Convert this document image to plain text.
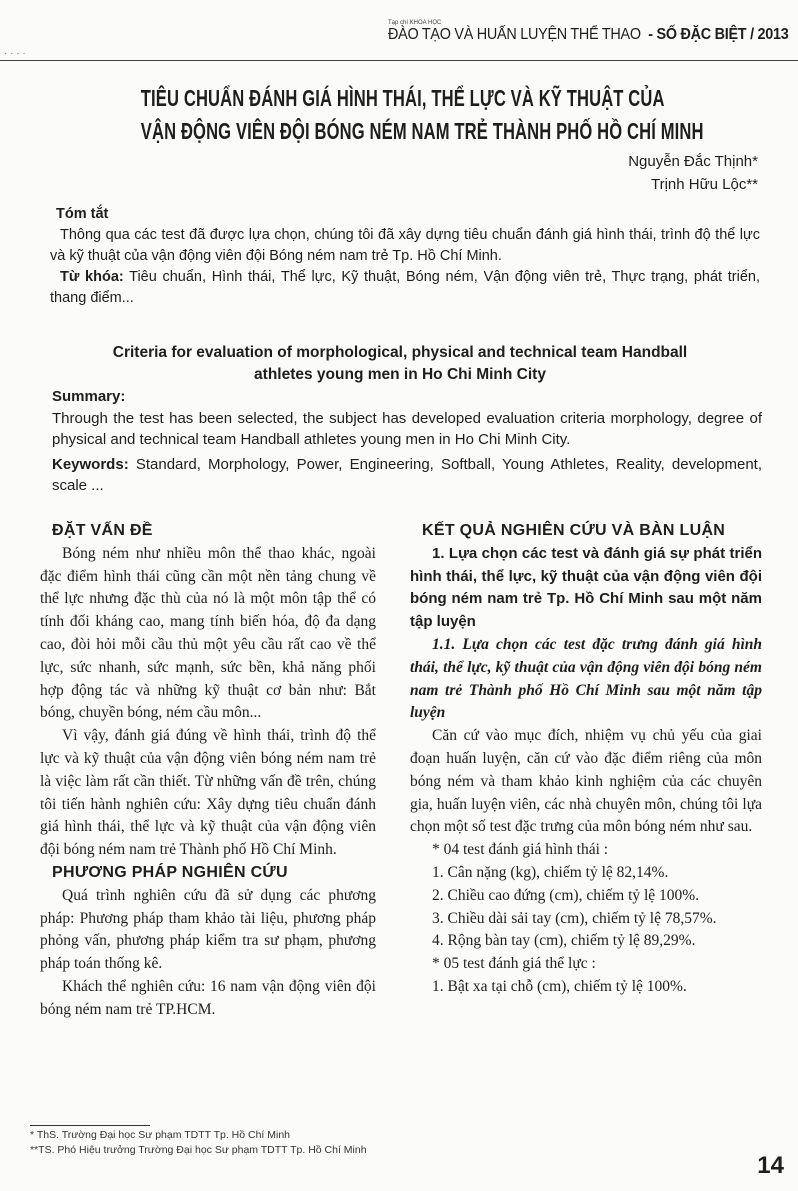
· · · ·
Tạp chí KHOA HỌC
ĐÀO TẠO VÀ HUẤN LUYỆN THỂ THAO - SỐ ĐẶC BIỆT / 2013
TIÊU CHUẨN ĐÁNH GIÁ HÌNH THÁI, THỂ LỰC VÀ KỸ THUẬT CỦA
VẬN ĐỘNG VIÊN ĐỘI BÓNG NÉM NAM TRẺ THÀNH PHỐ HỒ CHÍ MINH
Nguyễn Đắc Thịnh*
Trịnh Hữu Lộc**
Tóm tắt
Thông qua các test đã được lựa chọn, chúng tôi đã xây dựng tiêu chuẩn đánh giá hình thái, trình độ thể lực và kỹ thuật của vận động viên đội Bóng ném nam trẻ Tp. Hồ Chí Minh.
Từ khóa: Tiêu chuẩn, Hình thái, Thể lực, Kỹ thuật, Bóng ném, Vận động viên trẻ, Thực trạng, phát triển, thang điểm...
Criteria for evaluation of morphological, physical and technical team Handball
athletes young men in Ho Chi Minh City
Summary:
Through the test has been selected, the subject has developed evaluation criteria morphology, degree of physical and technical team Handball athletes young men in Ho Chi Minh City.
Keywords: Standard, Morphology, Power, Engineering, Softball, Young Athletes, Reality, development, scale ...
ĐẶT VẤN ĐỀ

Bóng ném như nhiều môn thể thao khác, ngoài đặc điểm hình thái cũng cần một nền tảng chung về thể lực nhưng đặc thù của nó là một môn tập thể có tính đối kháng cao, mang tính biến hóa, độ đa dạng cao, đòi hỏi mỗi cầu thủ một yêu cầu rất cao về thể lực, sức nhanh, sức mạnh, sức bền, khả năng phối hợp động tác và những kỹ thuật cơ bản như: Bắt bóng, chuyền bóng, ném cầu môn...

Vì vậy, đánh giá đúng về hình thái, trình độ thể lực và kỹ thuật của vận động viên bóng ném nam trẻ là việc làm rất cần thiết. Từ những vấn đề trên, chúng tôi tiến hành nghiên cứu: Xây dựng tiêu chuẩn đánh giá hình thái, thể lực và kỹ thuật của vận động viên đội bóng ném nam trẻ Thành phố Hồ Chí Minh.

PHƯƠNG PHÁP NGHIÊN CỨU

Quá trình nghiên cứu đã sử dụng các phương pháp: Phương pháp tham khảo tài liệu, phương pháp phỏng vấn, phương pháp kiểm tra sư phạm, phương pháp toán thống kê.

Khách thể nghiên cứu: 16 nam vận động viên đội bóng ném nam trẻ TP.HCM.

KẾT QUẢ NGHIÊN CỨU VÀ BÀN LUẬN

1. Lựa chọn các test và đánh giá sự phát triển hình thái, thể lực, kỹ thuật của vận động viên đội bóng ném nam trẻ Tp. Hồ Chí Minh sau một năm tập luyện

1.1. Lựa chọn các test đặc trưng đánh giá hình thái, thể lực, kỹ thuật của vận động viên đội bóng ném nam trẻ Thành phố Hồ Chí Minh sau một năm tập luyện

Căn cứ vào mục đích, nhiệm vụ chủ yếu của giai đoạn huấn luyện, căn cứ vào đặc điểm riêng của môn bóng ném và tham khảo kinh nghiệm của các chuyên gia, huấn luyện viên, các nhà chuyên môn, chúng tôi lựa chọn một số test đặc trưng của môn bóng ném như sau.

* 04 test đánh giá hình thái :

1. Cân nặng (kg), chiếm tỷ lệ 82,14%.

2. Chiều cao đứng (cm), chiếm tỷ lệ 100%.

3. Chiều dài sải tay (cm), chiếm tỷ lệ 78,57%.

4. Rộng bàn tay (cm), chiếm tỷ lệ 89,29%.

* 05 test đánh giá thể lực :

1. Bật xa tại chỗ (cm), chiếm tỷ lệ 100%.

* ThS. Trường Đại học Sư phạm TDTT Tp. Hồ Chí Minh
**TS. Phó Hiệu trưởng Trường Đại học Sư phạm TDTT Tp. Hồ Chí Minh
14
